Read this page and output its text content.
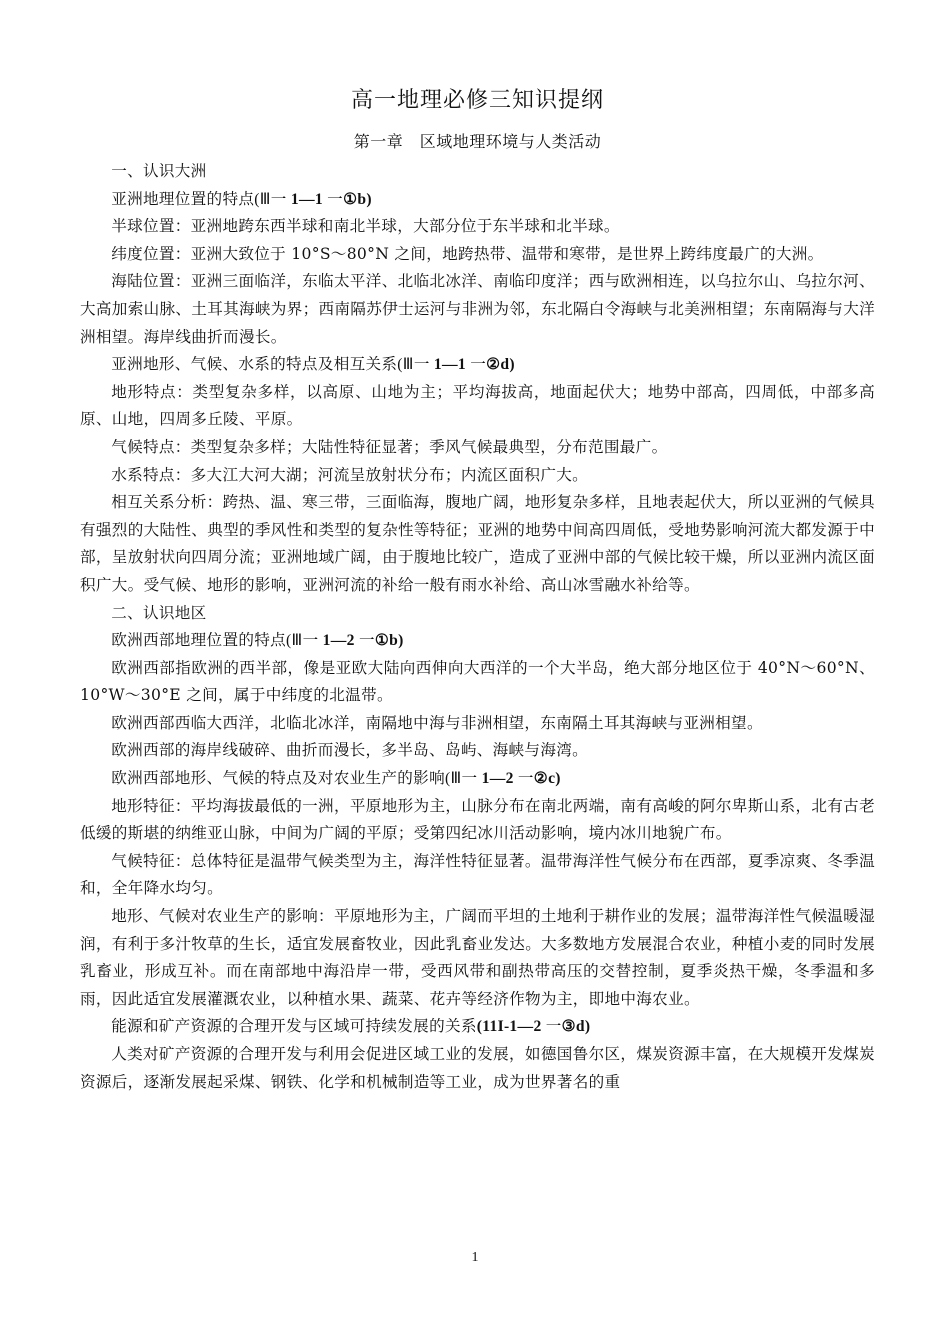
高一地理必修三知识提纲
第一章　区域地理环境与人类活动

一、认识大洲

亚洲地理位置的特点(Ⅲ一 1—1 一①b)

半球位置：亚洲地跨东西半球和南北半球，大部分位于东半球和北半球。

纬度位置：亚洲大致位于 10°S～80°N 之间，地跨热带、温带和寒带，是世界上跨纬度最广的大洲。

海陆位置：亚洲三面临洋，东临太平洋、北临北冰洋、南临印度洋；西与欧洲相连，以乌拉尔山、乌拉尔河、大高加索山脉、土耳其海峡为界；西南隔苏伊士运河与非洲为邻，东北隔白令海峡与北美洲相望；东南隔海与大洋洲相望。海岸线曲折而漫长。

亚洲地形、气候、水系的特点及相互关系(Ⅲ一 1—1 一②d)

地形特点：类型复杂多样，以高原、山地为主；平均海拔高，地面起伏大；地势中部高，四周低，中部多高原、山地，四周多丘陵、平原。

气候特点：类型复杂多样；大陆性特征显著；季风气候最典型，分布范围最广。

水系特点：多大江大河大湖；河流呈放射状分布；内流区面积广大。

相互关系分析：跨热、温、寒三带，三面临海，腹地广阔，地形复杂多样，且地表起伏大，所以亚洲的气候具有强烈的大陆性、典型的季风性和类型的复杂性等特征；亚洲的地势中间高四周低，受地势影响河流大都发源于中部，呈放射状向四周分流；亚洲地域广阔，由于腹地比较广，造成了亚洲中部的气候比较干燥，所以亚洲内流区面积广大。受气候、地形的影响，亚洲河流的补给一般有雨水补给、高山冰雪融水补给等。

二、认识地区

欧洲西部地理位置的特点(Ⅲ一 1—2 一①b)

欧洲西部指欧洲的西半部，像是亚欧大陆向西伸向大西洋的一个大半岛，绝大部分地区位于 40°N～60°N、10°W～30°E 之间，属于中纬度的北温带。

欧洲西部西临大西洋，北临北冰洋，南隔地中海与非洲相望，东南隔土耳其海峡与亚洲相望。

欧洲西部的海岸线破碎、曲折而漫长，多半岛、岛屿、海峡与海湾。

欧洲西部地形、气候的特点及对农业生产的影响(Ⅲ一 1—2 一②c)

地形特征：平均海拔最低的一洲，平原地形为主，山脉分布在南北两端，南有高峻的阿尔卑斯山系，北有古老低缓的斯堪的纳维亚山脉，中间为广阔的平原；受第四纪冰川活动影响，境内冰川地貌广布。

气候特征：总体特征是温带气候类型为主，海洋性特征显著。温带海洋性气候分布在西部，夏季凉爽、冬季温和，全年降水均匀。

地形、气候对农业生产的影响：平原地形为主，广阔而平坦的土地利于耕作业的发展；温带海洋性气候温暖湿润，有利于多汁牧草的生长，适宜发展畜牧业，因此乳畜业发达。大多数地方发展混合农业，种植小麦的同时发展乳畜业，形成互补。而在南部地中海沿岸一带，受西风带和副热带高压的交替控制，夏季炎热干燥，冬季温和多雨，因此适宜发展灌溉农业，以种植水果、蔬菜、花卉等经济作物为主，即地中海农业。

能源和矿产资源的合理开发与区域可持续发展的关系(11I-1—2 一③d)

人类对矿产资源的合理开发与利用会促进区域工业的发展，如德国鲁尔区，煤炭资源丰富，在大规模开发煤炭资源后，逐渐发展起采煤、钢铁、化学和机械制造等工业，成为世界著名的重

1
